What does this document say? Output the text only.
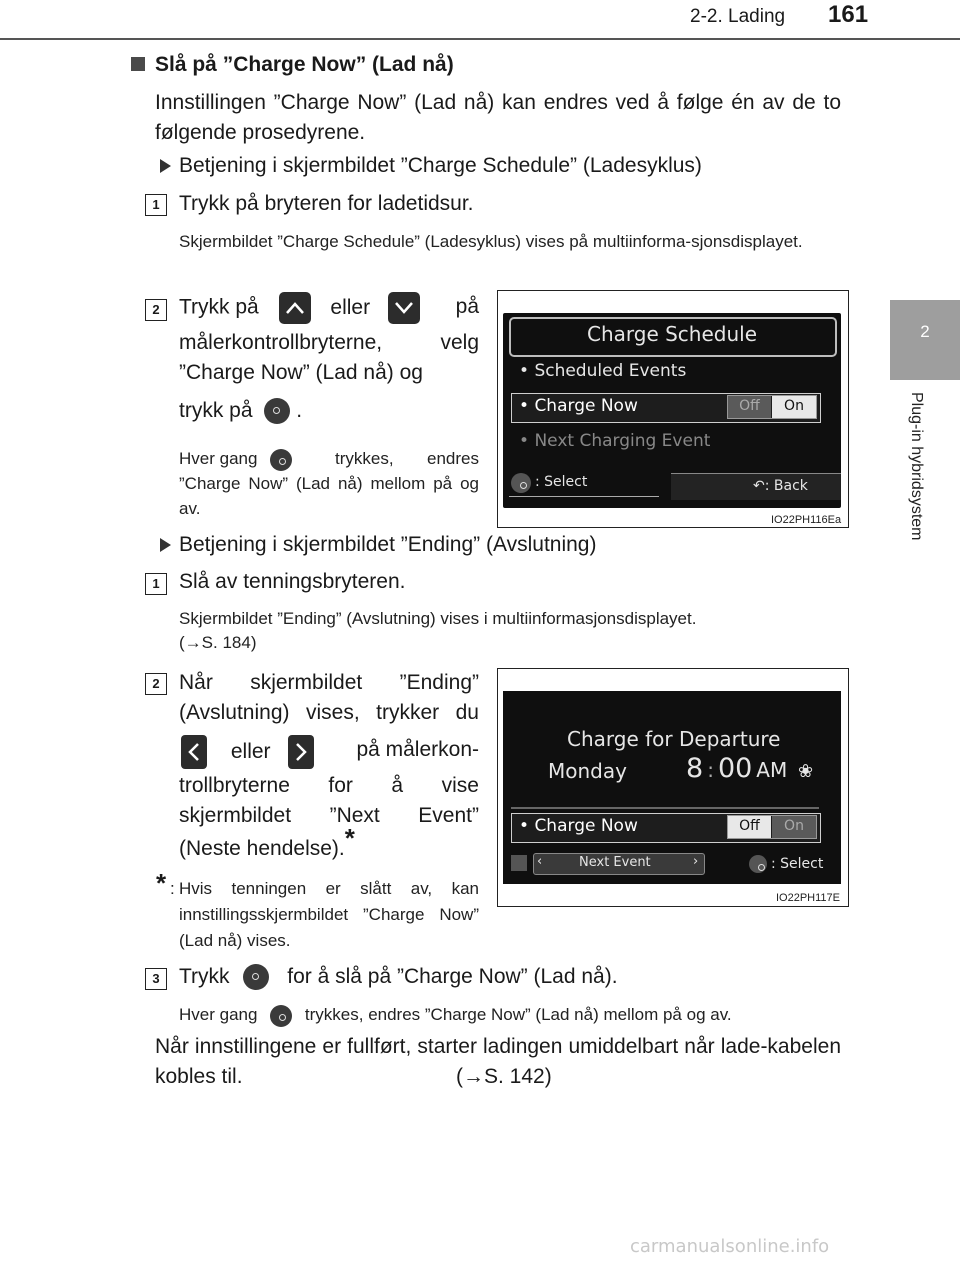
2-2. Lading 161
2
Plug-in hybridsystem
Slå på ”Charge Now” (Lad nå)
Innstillingen ”Charge Now” (Lad nå) kan endres ved å følge én av de to følgende prosedyrene.
Betjening i skjermbildet ”Charge Schedule” (Ladesyklus)
1 Trykk på bryteren for ladetidsur.
Skjermbildet ”Charge Schedule” (Ladesyklus) vises på multiinforma-sjonsdisplayet.
2 Trykk på	eller	på
målerkontrollbryterne, velg ”Charge Now” (Lad nå) og
trykk på .
Hver gang	trykkes, endres ”Charge Now” (Lad nå) mellom på og av.
Charge Schedule
• Scheduled Events
• Charge Now	Off	On
• Next Charging Event
: Select	↶: Back
IO22PH116Ea
Betjening i skjermbildet ”Ending” (Avslutning)
1 Slå av tenningsbryteren.
Skjermbildet ”Ending” (Avslutning) vises i multiinformasjonsdisplayet.
(→S. 184)
2 Når skjermbildet ”Ending”
(Avslutning) vises, trykker du
eller	på målerkon-
trollbryterne for å vise
skjermbildet ”Next Event”
(Neste hendelse).*
* : Hvis tenningen er slått av, kan innstillingsskjermbildet ”Charge Now” (Lad nå) vises.
Charge for Departure
Monday 8 : 00 AM ❀
• Charge Now	Off	On
‹	Next Event	›	: Select
IO22PH117E
3 Trykk	for å slå på ”Charge Now” (Lad nå).
Hver gang	trykkes, endres ”Charge Now” (Lad nå) mellom på og av.
Når innstillingene er fullført, starter ladingen umiddelbart når lade-kabelen kobles til.	(→S. 142)
carmanualsonline.info
